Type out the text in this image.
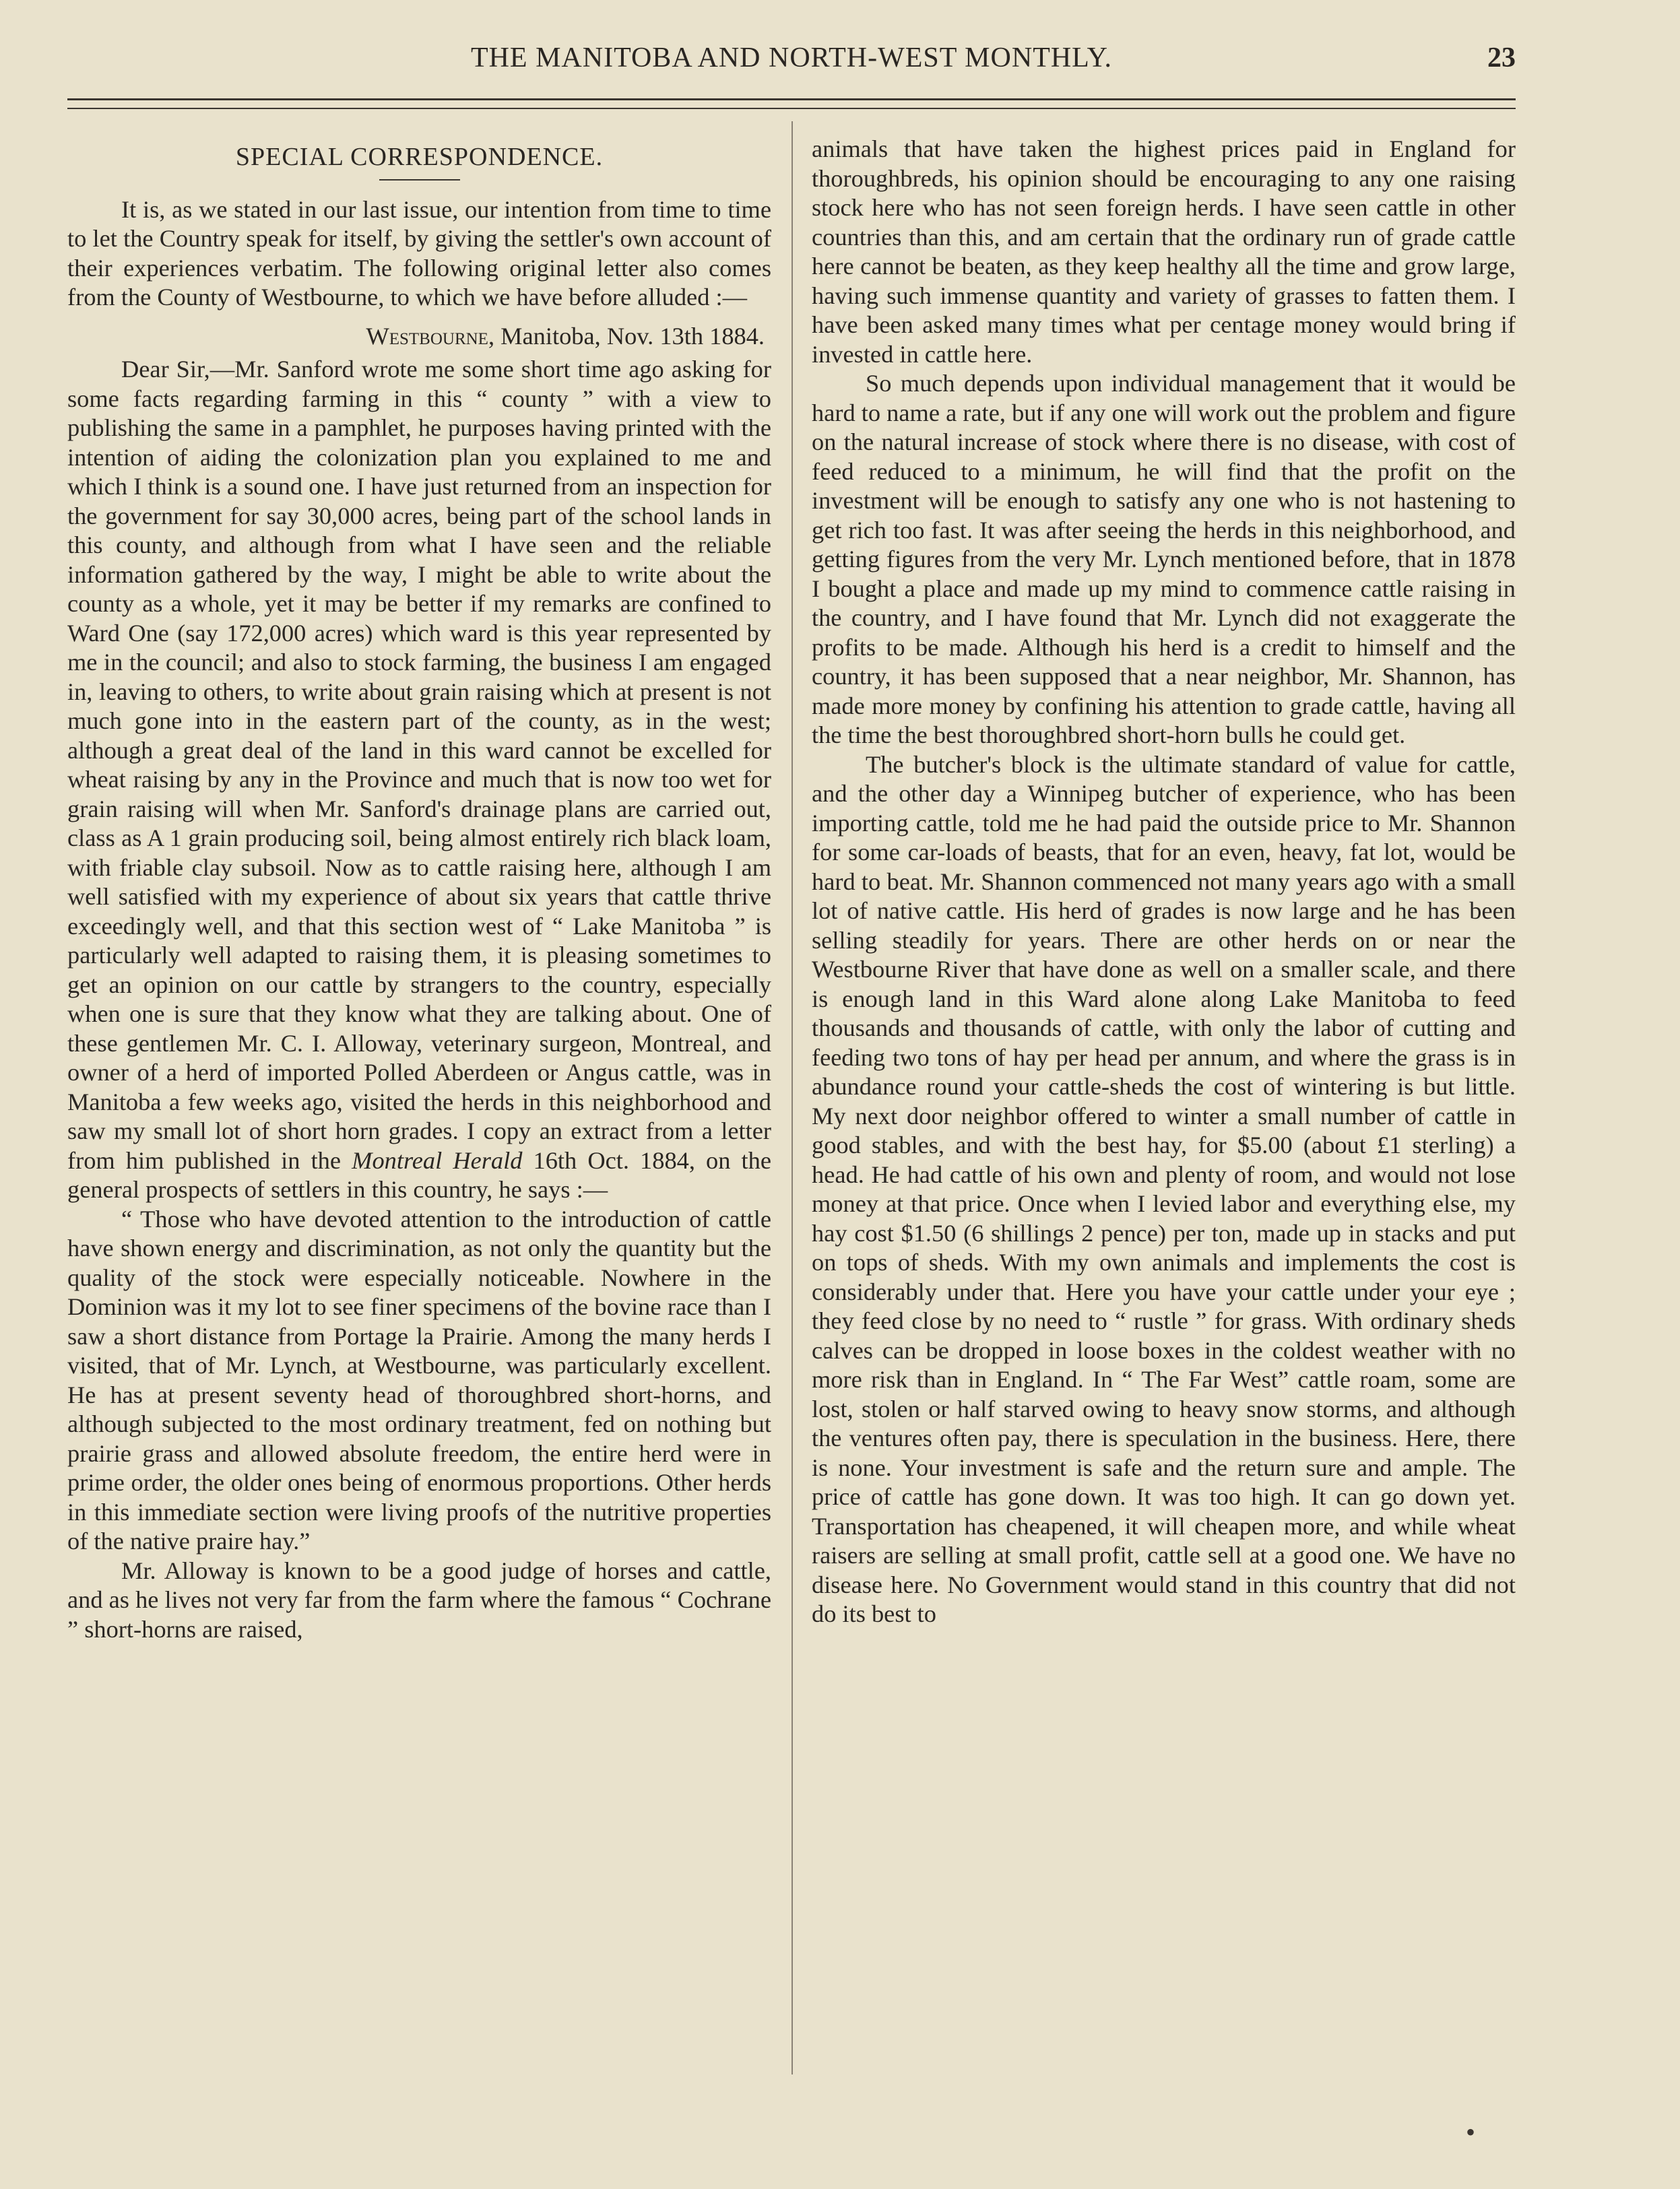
THE MANITOBA AND NORTH-WEST MONTHLY.	23
SPECIAL CORRESPONDENCE.

It is, as we stated in our last issue, our intention from time to time to let the Country speak for itself, by giving the settler's own account of their experiences verbatim. The following original letter also comes from the County of Westbourne, to which we have before alluded :—

Westbourne, Manitoba, Nov. 13th 1884.

Dear Sir,—Mr. Sanford wrote me some short time ago asking for some facts regarding farming in this “ county ” with a view to publishing the same in a pamphlet, he purposes having printed with the intention of aiding the colonization plan you explained to me and which I think is a sound one. I have just returned from an inspection for the government for say 30,000 acres, being part of the school lands in this county, and although from what I have seen and the reliable information gathered by the way, I might be able to write about the county as a whole, yet it may be better if my remarks are confined to Ward One (say 172,000 acres) which ward is this year represented by me in the council; and also to stock farming, the business I am engaged in, leaving to others, to write about grain raising which at present is not much gone into in the eastern part of the county, as in the west; although a great deal of the land in this ward cannot be excelled for wheat raising by any in the Province and much that is now too wet for grain raising will when Mr. Sanford's drainage plans are carried out, class as A 1 grain producing soil, being almost entirely rich black loam, with friable clay subsoil. Now as to cattle raising here, although I am well satisfied with my experience of about six years that cattle thrive exceedingly well, and that this section west of “ Lake Manitoba ” is particularly well adapted to raising them, it is pleasing sometimes to get an opinion on our cattle by strangers to the country, especially when one is sure that they know what they are talking about. One of these gentlemen Mr. C. I. Alloway, veterinary surgeon, Montreal, and owner of a herd of imported Polled Aberdeen or Angus cattle, was in Manitoba a few weeks ago, visited the herds in this neighborhood and saw my small lot of short horn grades. I copy an extract from a letter from him published in the Montreal Herald 16th Oct. 1884, on the general prospects of settlers in this country, he says :—

“ Those who have devoted attention to the introduction of cattle have shown energy and discrimination, as not only the quantity but the quality of the stock were especially noticeable. Nowhere in the Dominion was it my lot to see finer specimens of the bovine race than I saw a short distance from Portage la Prairie. Among the many herds I visited, that of Mr. Lynch, at Westbourne, was particularly excellent. He has at present seventy head of thoroughbred short-horns, and although subjected to the most ordinary treatment, fed on nothing but prairie grass and allowed absolute freedom, the entire herd were in prime order, the older ones being of enormous proportions. Other herds in this immediate section were living proofs of the nutritive properties of the native praire hay.”

Mr. Alloway is known to be a good judge of horses and cattle, and as he lives not very far from the farm where the famous “ Cochrane ” short-horns are raised,

animals that have taken the highest prices paid in England for thoroughbreds, his opinion should be encouraging to any one raising stock here who has not seen foreign herds. I have seen cattle in other countries than this, and am certain that the ordinary run of grade cattle here cannot be beaten, as they keep healthy all the time and grow large, having such immense quantity and variety of grasses to fatten them. I have been asked many times what per centage money would bring if invested in cattle here.

So much depends upon individual management that it would be hard to name a rate, but if any one will work out the problem and figure on the natural increase of stock where there is no disease, with cost of feed reduced to a minimum, he will find that the profit on the investment will be enough to satisfy any one who is not hastening to get rich too fast. It was after seeing the herds in this neighborhood, and getting figures from the very Mr. Lynch mentioned before, that in 1878 I bought a place and made up my mind to commence cattle raising in the country, and I have found that Mr. Lynch did not exaggerate the profits to be made. Although his herd is a credit to himself and the country, it has been supposed that a near neighbor, Mr. Shannon, has made more money by confining his attention to grade cattle, having all the time the best thoroughbred short-horn bulls he could get.

The butcher's block is the ultimate standard of value for cattle, and the other day a Winnipeg butcher of experience, who has been importing cattle, told me he had paid the outside price to Mr. Shannon for some car-loads of beasts, that for an even, heavy, fat lot, would be hard to beat. Mr. Shannon commenced not many years ago with a small lot of native cattle. His herd of grades is now large and he has been selling steadily for years. There are other herds on or near the Westbourne River that have done as well on a smaller scale, and there is enough land in this Ward alone along Lake Manitoba to feed thousands and thousands of cattle, with only the labor of cutting and feeding two tons of hay per head per annum, and where the grass is in abundance round your cattle-sheds the cost of wintering is but little. My next door neighbor offered to winter a small number of cattle in good stables, and with the best hay, for $5.00 (about £1 sterling) a head. He had cattle of his own and plenty of room, and would not lose money at that price. Once when I levied labor and everything else, my hay cost $1.50 (6 shillings 2 pence) per ton, made up in stacks and put on tops of sheds. With my own animals and implements the cost is considerably under that. Here you have your cattle under your eye ; they feed close by no need to “ rustle ” for grass. With ordinary sheds calves can be dropped in loose boxes in the coldest weather with no more risk than in England. In “ The Far West” cattle roam, some are lost, stolen or half starved owing to heavy snow storms, and although the ventures often pay, there is speculation in the business. Here, there is none. Your investment is safe and the return sure and ample. The price of cattle has gone down. It was too high. It can go down yet. Transportation has cheapened, it will cheapen more, and while wheat raisers are selling at small profit, cattle sell at a good one. We have no disease here. No Government would stand in this country that did not do its best to

•
